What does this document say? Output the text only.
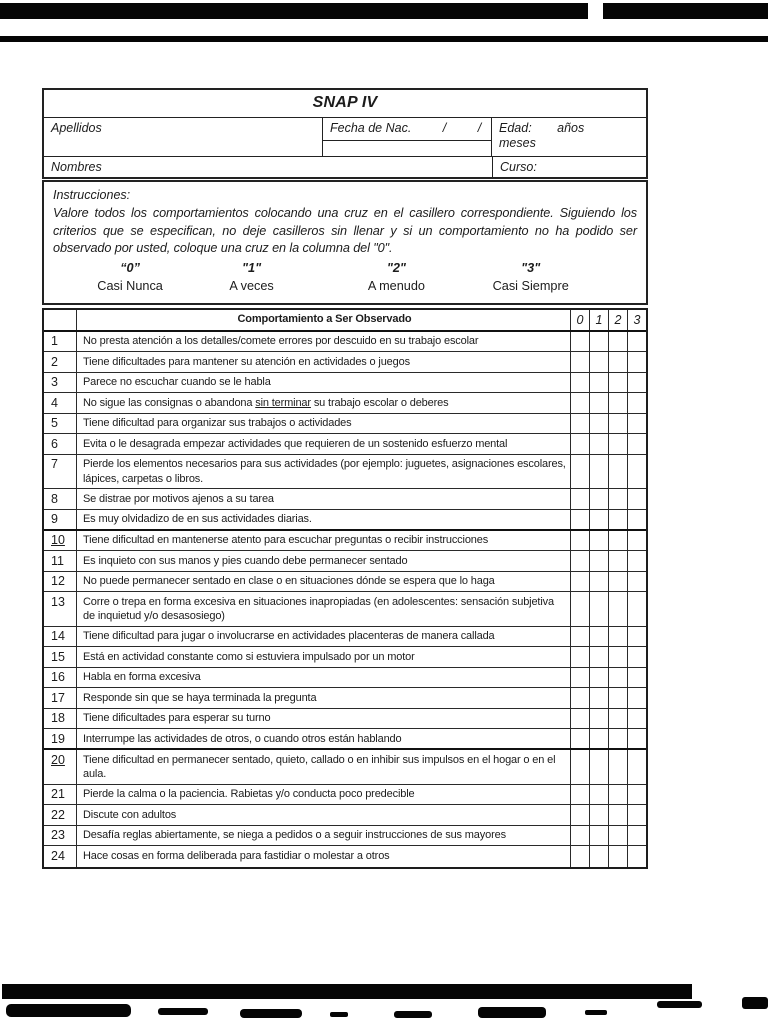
SNAP IV
Apellidos	Fecha de Nac.	/	/	Edad: años
meses
Nombres	Curso:
Instrucciones:
Valore todos los comportamientos colocando una cruz en el casillero correspondiente. Siguiendo los
criterios que se especifican, no deje casilleros sin llenar y si un comportamiento no ha podido ser
observado por usted, coloque una cruz en la columna del "0".
“0”	"1"	"2"	"3"
Casi Nunca	A veces	A menudo	Casi Siempre
Comportamiento a Ser Observado	0 1 2 3
1	No presta atención a los detalles/comete errores por descuido en su trabajo escolar
2	Tiene dificultades para mantener su atención en actividades o juegos
3	Parece no escuchar cuando se le habla
4	No sigue las consignas o abandona sin terminar su trabajo escolar o deberes
5	Tiene dificultad para organizar sus trabajos o actividades
6	Evita o le desagrada empezar actividades que requieren de un sostenido esfuerzo mental
7	Pierde los elementos necesarios para sus actividades (por ejemplo: juguetes, asignaciones escolares, lápices, carpetas o libros.
8	Se distrae por motivos ajenos a su tarea
9	Es muy olvidadizo de en sus actividades diarias.
10	Tiene dificultad en mantenerse atento para escuchar preguntas o recibir instrucciones
11	Es inquieto con sus manos y pies cuando debe permanecer sentado
12	No puede permanecer sentado en clase o en situaciones dónde se espera que lo haga
13	Corre o trepa en forma excesiva en situaciones inapropiadas (en adolescentes: sensación subjetiva de inquietud y/o desasosiego)
14	Tiene dificultad para jugar o involucrarse en actividades placenteras de manera callada
15	Está en actividad constante como si estuviera impulsado por un motor
16	Habla en forma excesiva
17	Responde sin que se haya terminada la pregunta
18	Tiene dificultades para esperar su turno
19	Interrumpe las actividades de otros, o cuando otros están hablando
20	Tiene dificultad en permanecer sentado, quieto, callado o en inhibir sus impulsos en el hogar o en el aula.
21	Pierde la calma o la paciencia. Rabietas y/o conducta poco predecible
22	Discute con adultos
23	Desafía reglas abiertamente, se niega a pedidos o a seguir instrucciones de sus mayores
24	Hace cosas en forma deliberada para fastidiar o molestar a otros
